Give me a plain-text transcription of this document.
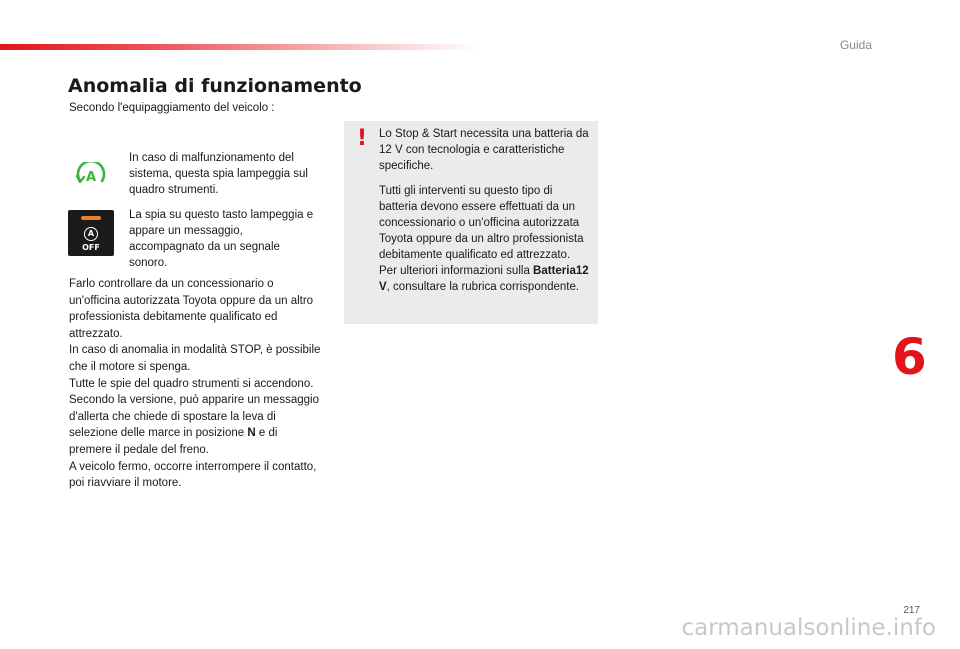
Guida
Anomalia di funzionamento
Secondo l'equipaggiamento del veicolo :
A
In caso di malfunzionamento del sistema, questa spia lampeggia sul quadro strumenti.
A
OFF
La spia su questo tasto lampeggia e appare un messaggio, accompagnato da un segnale sonoro.

Farlo controllare da un concessionario o un'officina autorizzata Toyota oppure da un altro professionista debitamente qualificato ed attrezzato.

In caso di anomalia in modalità STOP, è possibile che il motore si spenga.

Tutte le spie del quadro strumenti si accendono.

Secondo la versione, può apparire un messaggio d'allerta che chiede di spostare la leva di selezione delle marce in posizione N e di premere il pedale del freno.

A veicolo fermo, occorre interrompere il contatto, poi riavviare il motore.

! Lo Stop & Start necessita una batteria da 12 V con tecnologia e caratteristiche specifiche.

Tutti gli interventi su questo tipo di batteria devono essere effettuati da un concessionario o un'officina autorizzata Toyota oppure da un altro professionista debitamente qualificato ed attrezzato.

Per ulteriori informazioni sulla Batteria12 V, consultare la rubrica corrispondente.

6
217
carmanualsonline.info
